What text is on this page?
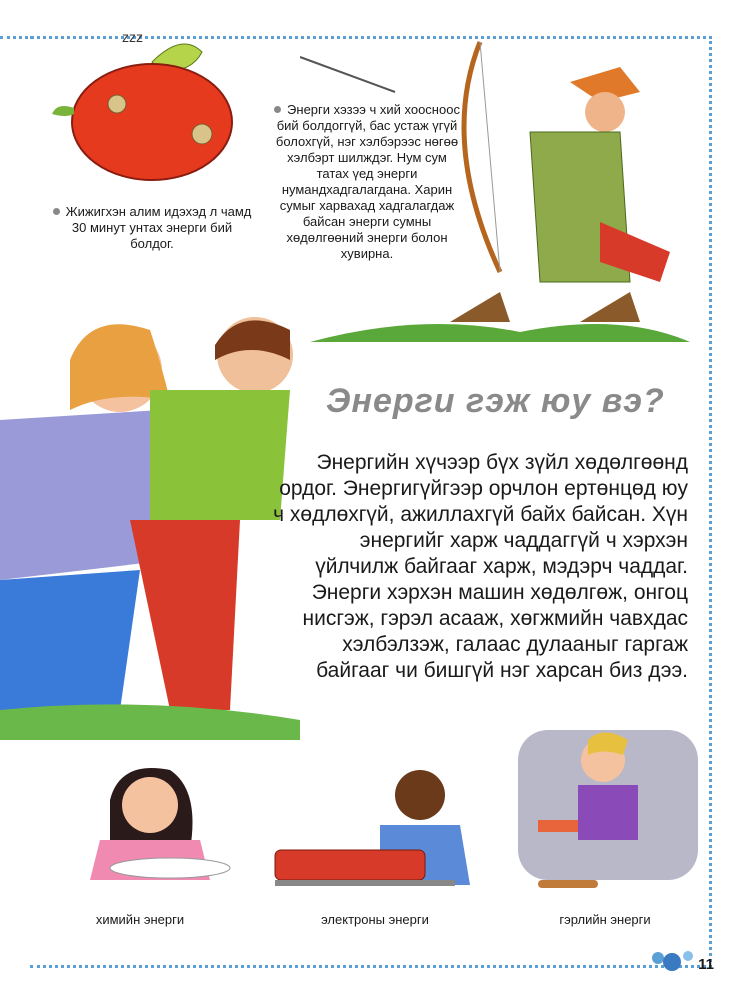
zzz
Жижигхэн алим идэхэд л чамд 30 минут унтах энерги бий болдог.
Энерги хэзээ ч хий хоосноос бий болдоггүй, бас устаж үгүй болохгүй, нэг хэлбэрээс нөгөө хэлбэрт шилждэг. Нум сум татах үед энерги нумандхадгалагдана. Харин сумыг харвахад хадгалагдаж байсан энерги сумны хөдөлгөөний энерги болон хувирна.
Энерги гэж юу вэ?
Энергийн хүчээр бүх зүйл хөдөлгөөнд ордог. Энергигүйгээр орчлон ертөнцөд юу ч хөдлөхгүй, ажиллахгүй байх байсан. Хүн энергийг харж чаддаггүй ч хэрхэн үйлчилж байгааг харж, мэдэрч чаддаг. Энерги хэрхэн машин хөдөлгөж, онгоц нисгэж, гэрэл асааж, хөгжмийн чавхдас хэлбэлзэж, галаас дулааныг гаргаж байгааг чи бишгүй нэг харсан биз дээ.
химийн энерги	электроны энерги	гэрлийн энерги
11
